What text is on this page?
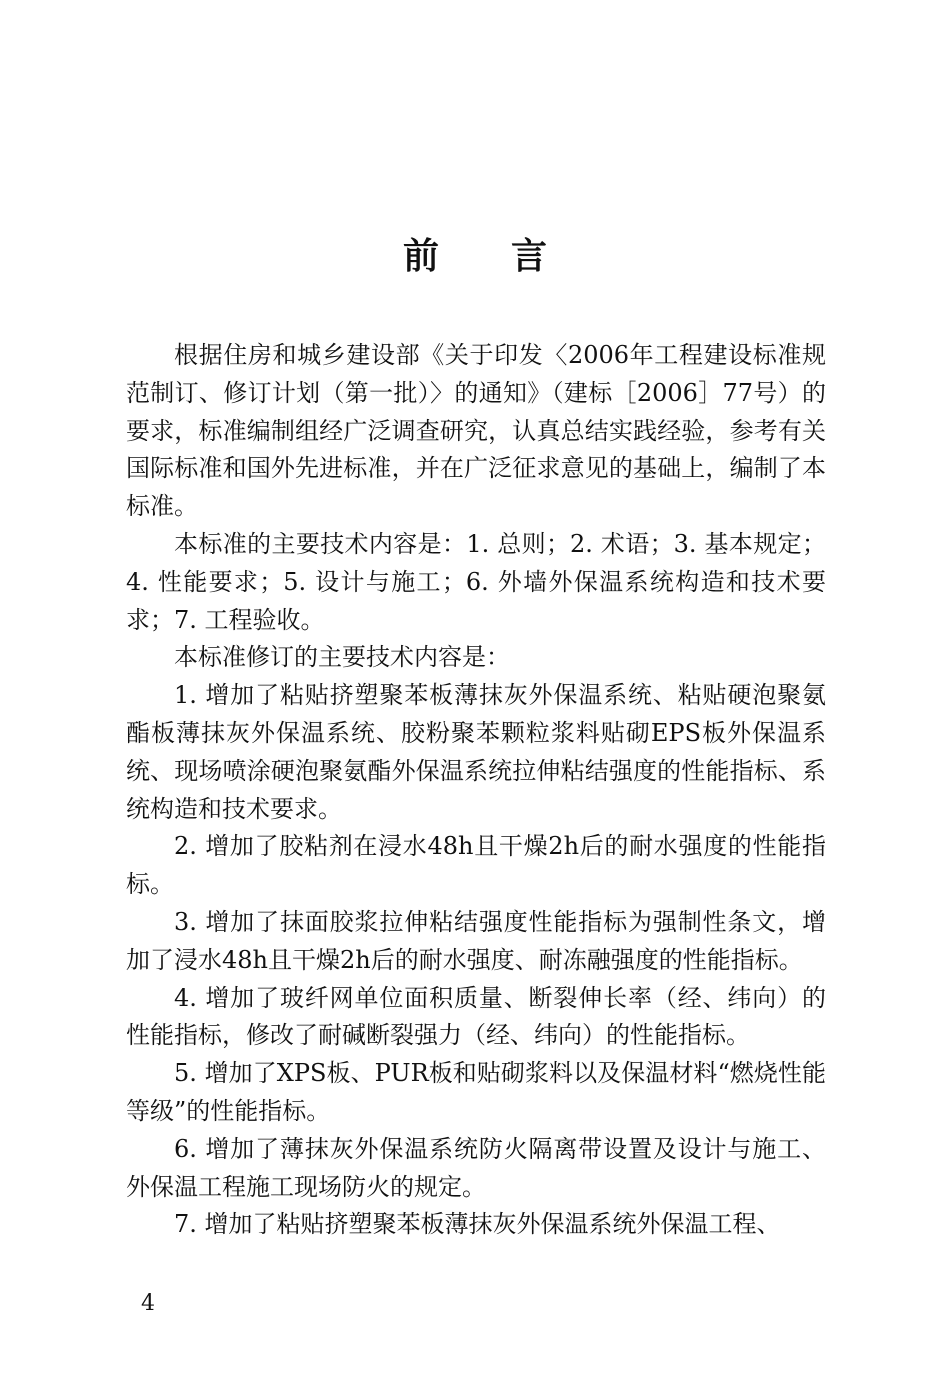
前言

根据住房和城乡建设部《关于印发〈2006年工程建设标准规范制订、修订计划（第一批）〉的通知》（建标［2006］77号）的要求，标准编制组经广泛调查研究，认真总结实践经验，参考有关国际标准和国外先进标准，并在广泛征求意见的基础上，编制了本标准。

本标准的主要技术内容是：1. 总则；2. 术语；3. 基本规定；4. 性能要求；5. 设计与施工；6. 外墙外保温系统构造和技术要求；7. 工程验收。

本标准修订的主要技术内容是：

1. 增加了粘贴挤塑聚苯板薄抹灰外保温系统、粘贴硬泡聚氨酯板薄抹灰外保温系统、胶粉聚苯颗粒浆料贴砌EPS板外保温系统、现场喷涂硬泡聚氨酯外保温系统拉伸粘结强度的性能指标、系统构造和技术要求。

2. 增加了胶粘剂在浸水48h且干燥2h后的耐水强度的性能指标。

3. 增加了抹面胶浆拉伸粘结强度性能指标为强制性条文，增加了浸水48h且干燥2h后的耐水强度、耐冻融强度的性能指标。

4. 增加了玻纤网单位面积质量、断裂伸长率（经、纬向）的性能指标，修改了耐碱断裂强力（经、纬向）的性能指标。

5. 增加了XPS板、PUR板和贴砌浆料以及保温材料“燃烧性能等级”的性能指标。

6. 增加了薄抹灰外保温系统防火隔离带设置及设计与施工、外保温工程施工现场防火的规定。

7. 增加了粘贴挤塑聚苯板薄抹灰外保温系统外保温工程、

4
